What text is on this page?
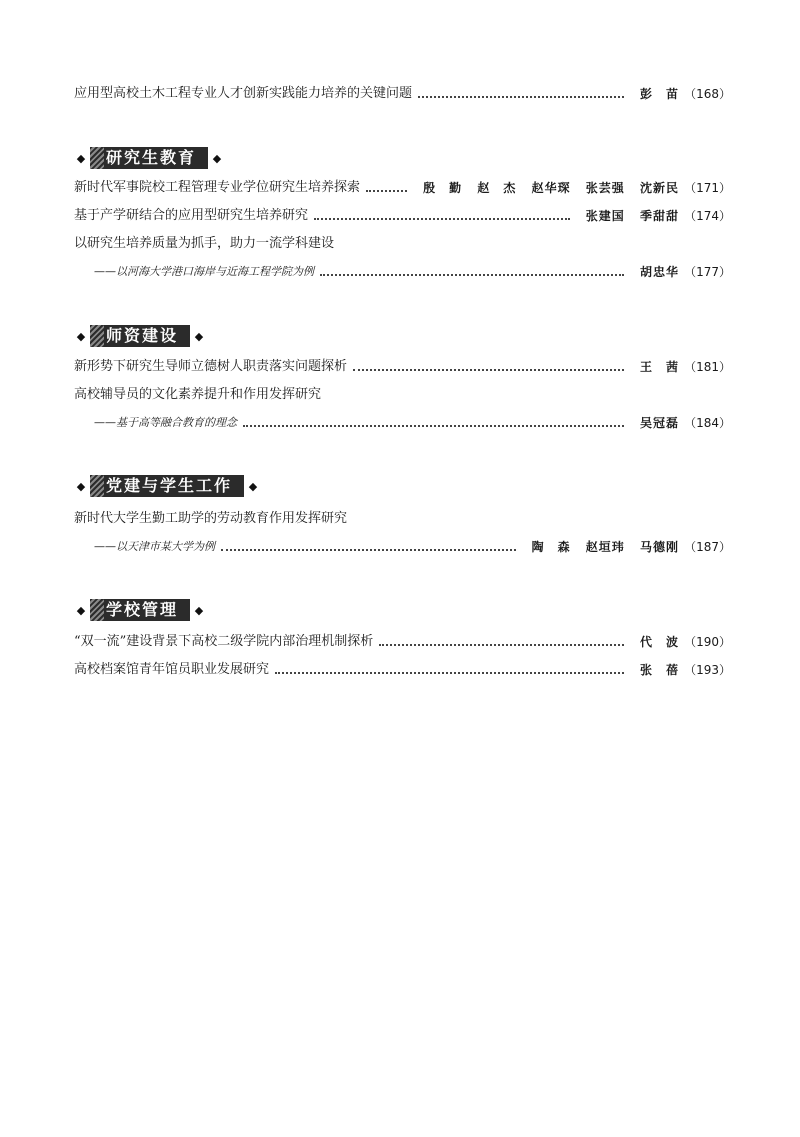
应用型高校土木工程专业人才创新实践能力培养的关键问题	彭　苗 （168）
◆	研究生教育	◆
新时代军事院校工程管理专业学位研究生培养探索	殷　勤 赵　杰 赵华琛 张芸强 沈新民 （171）
基于产学研结合的应用型研究生培养研究	张建国 季甜甜 （174）
以研究生培养质量为抓手，助力一流学科建设
——以河海大学港口海岸与近海工程学院为例	胡忠华 （177）
◆	师资建设	◆
新形势下研究生导师立德树人职责落实问题探析	王　茜 （181）
高校辅导员的文化素养提升和作用发挥研究
——基于高等融合教育的理念	吴冠磊 （184）
◆	党建与学生工作	◆
新时代大学生勤工助学的劳动教育作用发挥研究
——以天津市某大学为例	陶　森 赵垣玮 马德刚 （187）
◆	学校管理	◆
“双一流”建设背景下高校二级学院内部治理机制探析	代　波 （190）
高校档案馆青年馆员职业发展研究	张　蓓 （193）
